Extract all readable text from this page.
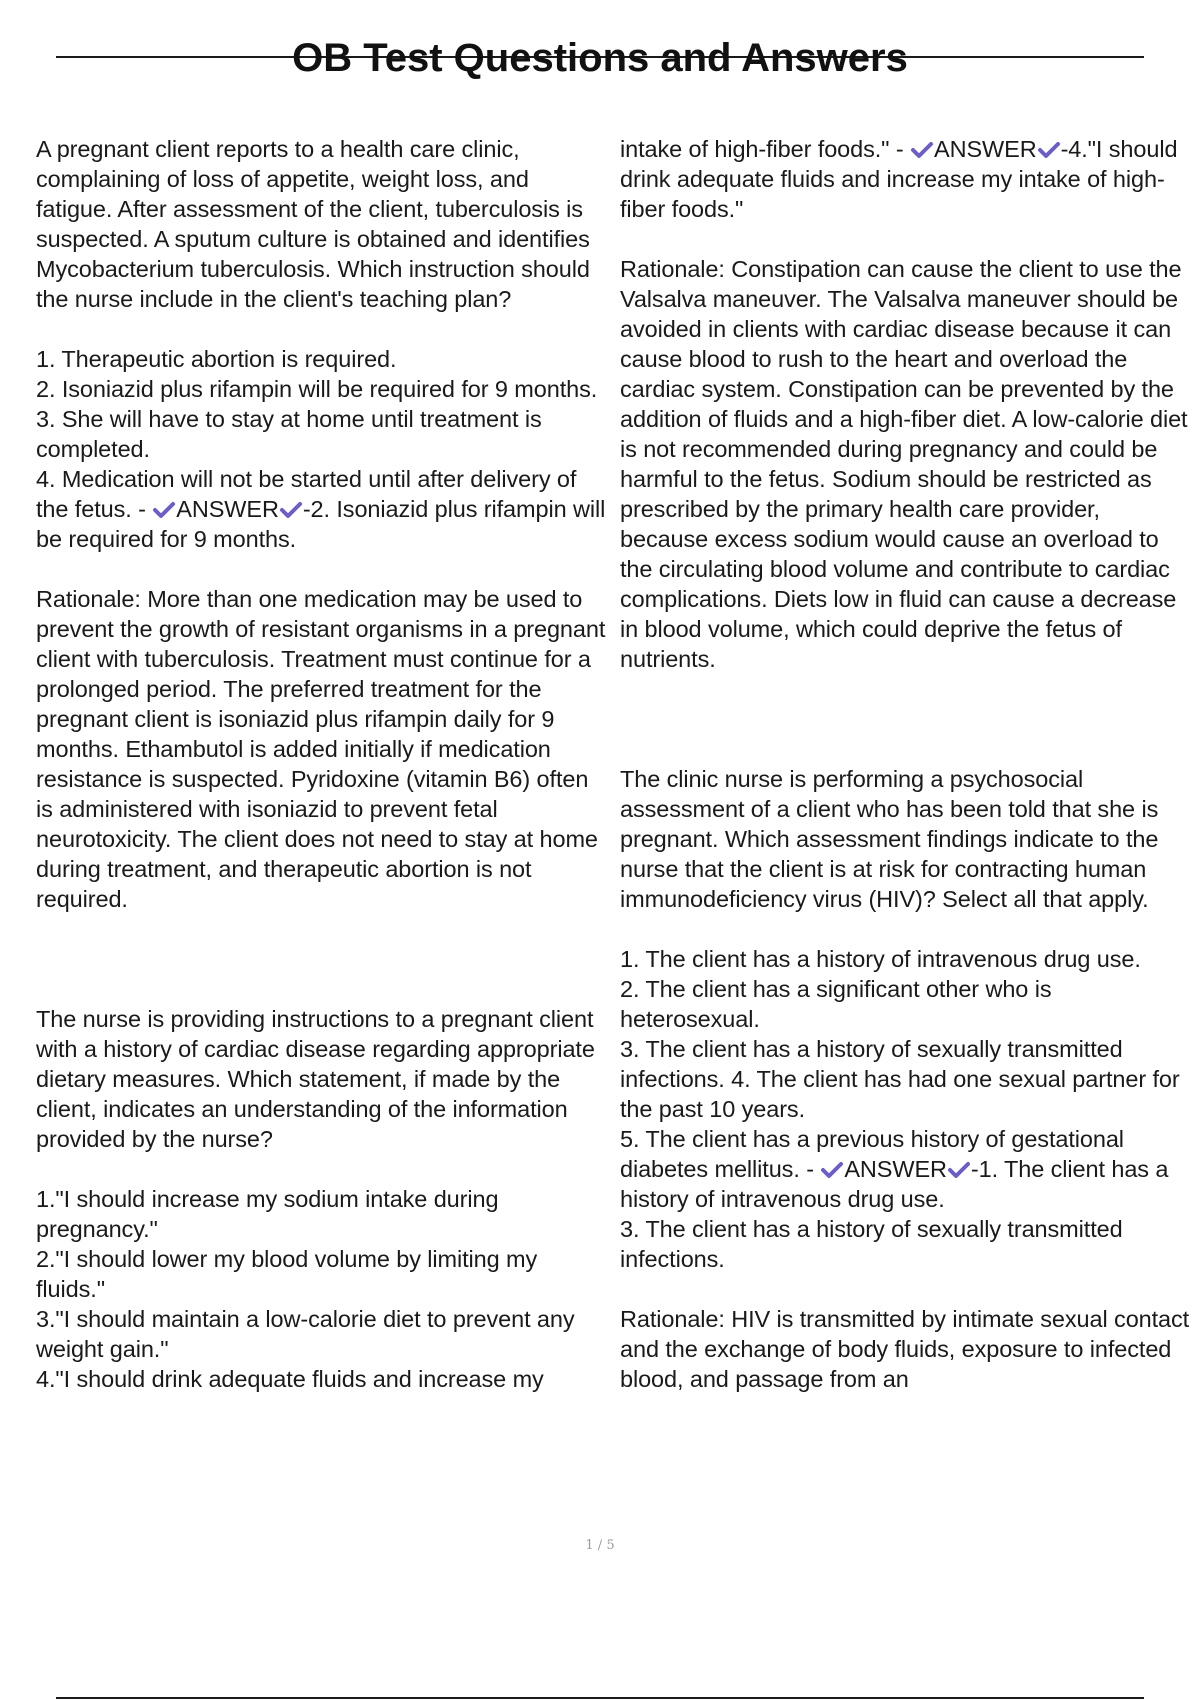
OB Test Questions and Answers

A pregnant client reports to a health care clinic, complaining of loss of appetite, weight loss, and fatigue. After assessment of the client, tuberculosis is suspected. A sputum culture is obtained and identifies Mycobacterium tuberculosis. Which instruction should the nurse include in the client's teaching plan?

1. Therapeutic abortion is required.

2. Isoniazid plus rifampin will be required for 9 months.

3. She will have to stay at home until treatment is completed.

4. Medication will not be started until after delivery of the fetus. -
ANSWER -2. Isoniazid plus rifampin will be required for 9 months.

Rationale: More than one medication may be used to prevent the growth of resistant organisms in a pregnant client with tuberculosis. Treatment must continue for a prolonged period. The preferred treatment for the pregnant client is isoniazid plus rifampin daily for 9 months. Ethambutol is added initially if medication resistance is suspected. Pyridoxine (vitamin B6) often is administered with isoniazid to prevent fetal neurotoxicity. The client does not need to stay at home during treatment, and therapeutic abortion is not required.

The nurse is providing instructions to a pregnant client with a history of cardiac disease regarding appropriate dietary measures. Which statement, if made by the client, indicates an understanding of the information provided by the nurse?

1."I should increase my sodium intake during pregnancy."

2."I should lower my blood volume by limiting my fluids."

3."I should maintain a low-calorie diet to prevent any weight gain."

4."I should drink adequate fluids and increase my

intake of high-fiber foods." -
ANSWER -4."I should drink adequate fluids and increase my intake of high-fiber foods."

Rationale: Constipation can cause the client to use the Valsalva maneuver. The Valsalva maneuver should be avoided in clients with cardiac disease because it can cause blood to rush to the heart and overload the cardiac system. Constipation can be prevented by the addition of fluids and a high-fiber diet. A low-calorie diet is not recommended during pregnancy and could be harmful to the fetus. Sodium should be restricted as prescribed by the primary health care provider, because excess sodium would cause an overload to the circulating blood volume and contribute to cardiac complications. Diets low in fluid can cause a decrease in blood volume, which could deprive the fetus of nutrients.

The clinic nurse is performing a psychosocial assessment of a client who has been told that she is pregnant. Which assessment findings indicate to the nurse that the client is at risk for contracting human immunodeficiency virus (HIV)? Select all that apply.

1. The client has a history of intravenous drug use.

2. The client has a significant other who is heterosexual.

3. The client has a history of sexually transmitted infections. 4. The client has had one sexual partner for the past 10 years.

5. The client has a previous history of gestational diabetes mellitus. -
ANSWER -1. The client has a history of intravenous drug use.

3. The client has a history of sexually transmitted infections.

Rationale: HIV is transmitted by intimate sexual contact and the exchange of body fluids, exposure to infected blood, and passage from an

1 / 5
